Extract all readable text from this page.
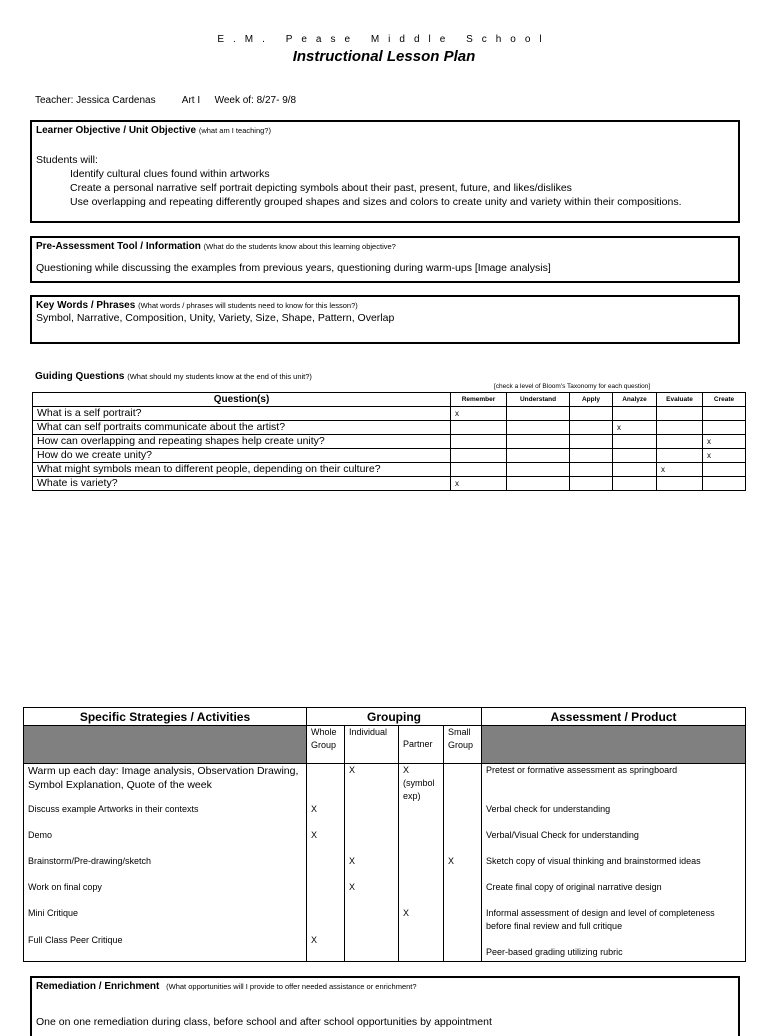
E.M. Pease Middle School
Instructional Lesson Plan
Teacher: Jessica Cardenas	Art I Week of: 8/27- 9/8
Learner Objective / Unit Objective (what am I teaching?)
Students will:
Identify cultural clues found within artworks
Create a personal narrative self portrait depicting symbols about their past, present, future, and likes/dislikes
Use overlapping and repeating differently grouped shapes and sizes and colors to create unity and variety within their compositions.
Pre-Assessment Tool / Information (What do the students know about this learning objective?
Questioning while discussing the examples from previous years, questioning during warm-ups [Image analysis]
Key Words / Phrases (What words / phrases will students need to know for this lesson?)
Symbol, Narrative, Composition, Unity, Variety, Size, Shape, Pattern, Overlap
Guiding Questions (What should my students know at the end of this unit?)
[check a level of Bloom's Taxonomy for each question]
Question(s)	Remember	Understand	Apply	Analyze	Evaluate	Create
What is a self portrait?	x					
What can self portraits communicate about the artist?				x		
How can overlapping and repeating shapes help create unity?						x
How do we create unity?						x
What might symbols mean to different people, depending on their culture?					x	
Whate is variety?	x					
Specific Strategies / Activities	Grouping				Assessment / Product
	Whole Group	Individual	Partner	Small Group	
Warm up each day: Image analysis, Observation Drawing, Symbol Explanation, Quote of the week		X	X (symbol exp)		Pretest or formative assessment as springboard
Discuss example Artworks in their contexts	X				Verbal check for understanding
Demo	X				Verbal/Visual Check for understanding
Brainstorm/Pre-drawing/sketch		X		X	Sketch copy of visual thinking and brainstormed ideas
Work on final copy		X			Create final copy of original narrative design
Mini Critique			X		Informal assessment of design and level of completeness before final review and full critique
Full Class Peer Critique	X				Peer-based grading utilizing rubric
Remediation / Enrichment (What opportunities will I provide to offer needed assistance or enrichment?
One on one remediation during class, before school and after school opportunities by appointment
